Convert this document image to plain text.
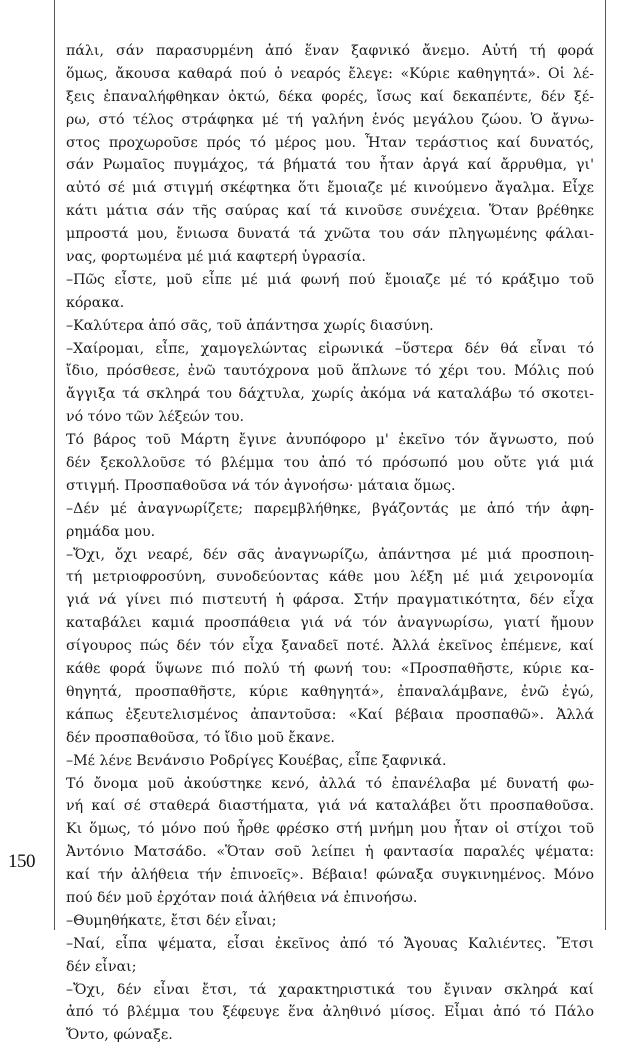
150
πάλι, σάν παρασυρμένη ἀπό ἕναν ξαφνικό ἄνεμο. Αὐτή τή φορά
ὅμως, ἄκουσα καθαρά πού ὁ νεαρός ἔλεγε: «Κύριε καθηγητά». Οἱ λέ-
ξεις ἐπαναλήφθηκαν ὀκτώ, δέκα φορές, ἴσως καί δεκαπέντε, δέν ξέ-
ρω, στό τέλος στράφηκα μέ τή γαλήνη ἑνός μεγάλου ζώου. Ὁ ἄγνω-
στος προχωροῦσε πρός τό μέρος μου. Ἦταν τεράστιος καί δυνατός,
σάν Ρωμαῖος πυγμάχος, τά βήματά του ἦταν ἀργά καί ἄρρυθμα, γι'
αὐτό σέ μιά στιγμή σκέφτηκα ὅτι ἔμοιαζε μέ κινούμενο ἄγαλμα. Εἶχε
κάτι μάτια σάν τῆς σαύρας καί τά κινοῦσε συνέχεια. Ὅταν βρέθηκε
μπροστά μου, ἔνιωσα δυνατά τά χνῶτα του σάν πληγωμένης φάλαι-
νας, φορτωμένα μέ μιά καφτερή ὑγρασία.
–Πῶς εἶστε, μοῦ εἶπε μέ μιά φωνή πού ἔμοιαζε μέ τό κράξιμο τοῦ
κόρακα.
–Καλύτερα ἀπό σᾶς, τοῦ ἀπάντησα χωρίς διασύνη.
–Χαίρομαι, εἶπε, χαμογελώντας εἰρωνικά –ὕστερα δέν θά εἶναι τό
ἴδιο, πρόσθεσε, ἐνῶ ταυτόχρονα μοῦ ἅπλωνε τό χέρι του. Μόλις πού
ἄγγιξα τά σκληρά του δάχτυλα, χωρίς ἀκόμα νά καταλάβω τό σκοτει-
νό τόνο τῶν λέξεών του.
Τό βάρος τοῦ Μάρτη ἔγινε ἀνυπόφορο μ' ἐκεῖνο τόν ἄγνωστο, πού
δέν ξεκολλοῦσε τό βλέμμα του ἀπό τό πρόσωπό μου οὔτε γιά μιά
στιγμή. Προσπαθοῦσα νά τόν ἀγνοήσω· μάταια ὅμως.
–Δέν μέ ἀναγνωρίζετε; παρεμβλήθηκε, βγάζοντάς με ἀπό τήν ἀφη-
ρημάδα μου.
–Ὄχι, ὄχι νεαρέ, δέν σᾶς ἀναγνωρίζω, ἀπάντησα μέ μιά προσποιη-
τή μετριοφροσύνη, συνοδεύοντας κάθε μου λέξη μέ μιά χειρονομία
γιά νά γίνει πιό πιστευτή ἡ φάρσα. Στήν πραγματικότητα, δέν εἶχα
καταβάλει καμιά προσπάθεια γιά νά τόν ἀναγνωρίσω, γιατί ἤμουν
σίγουρος πώς δέν τόν εἶχα ξαναδεῖ ποτέ. Ἀλλά ἐκεῖνος ἐπέμενε, καί
κάθε φορά ὕψωνε πιό πολύ τή φωνή του: «Προσπαθῆστε, κύριε κα-
θηγητά, προσπαθῆστε, κύριε καθηγητά», ἐπαναλάμβανε, ἐνῶ ἐγώ,
κάπως ἐξευτελισμένος ἀπαντοῦσα: «Καί βέβαια προσπαθῶ». Ἀλλά
δέν προσπαθοῦσα, τό ἴδιο μοῦ ἔκανε.
–Μέ λένε Βενάνσιο Ροδρίγες Κουέβας, εἶπε ξαφνικά.
Τό ὄνομα μοῦ ἀκούστηκε κενό, ἀλλά τό ἐπανέλαβα μέ δυνατή φω-
νή καί σέ σταθερά διαστήματα, γιά νά καταλάβει ὅτι προσπαθοῦσα.
Κι ὅμως, τό μόνο πού ἦρθε φρέσκο στή μνήμη μου ἦταν οἱ στίχοι τοῦ
Ἀντόνιο Ματσάδο. «Ὅταν σοῦ λείπει ἡ φαντασία παραλές ψέματα:
καί τήν ἀλήθεια τήν ἐπινοεῖς». Βέβαια! φώναξα συγκινημένος. Μόνο
πού δέν μοῦ ἐρχόταν ποιά ἀλήθεια νά ἐπινοήσω.
–Θυμηθήκατε, ἔτσι δέν εἶναι;
–Ναί, εἶπα ψέματα, εἶσαι ἐκεῖνος ἀπό τό Ἄγουας Καλιέντες. Ἔτσι
δέν εἶναι;
–Ὄχι, δέν εἶναι ἔτσι, τά χαρακτηριστικά του ἔγιναν σκληρά καί
ἀπό τό βλέμμα του ξέφευγε ἕνα ἀληθινό μίσος. Εἶμαι ἀπό τό Πάλο
Ὄντο, φώναξε.
